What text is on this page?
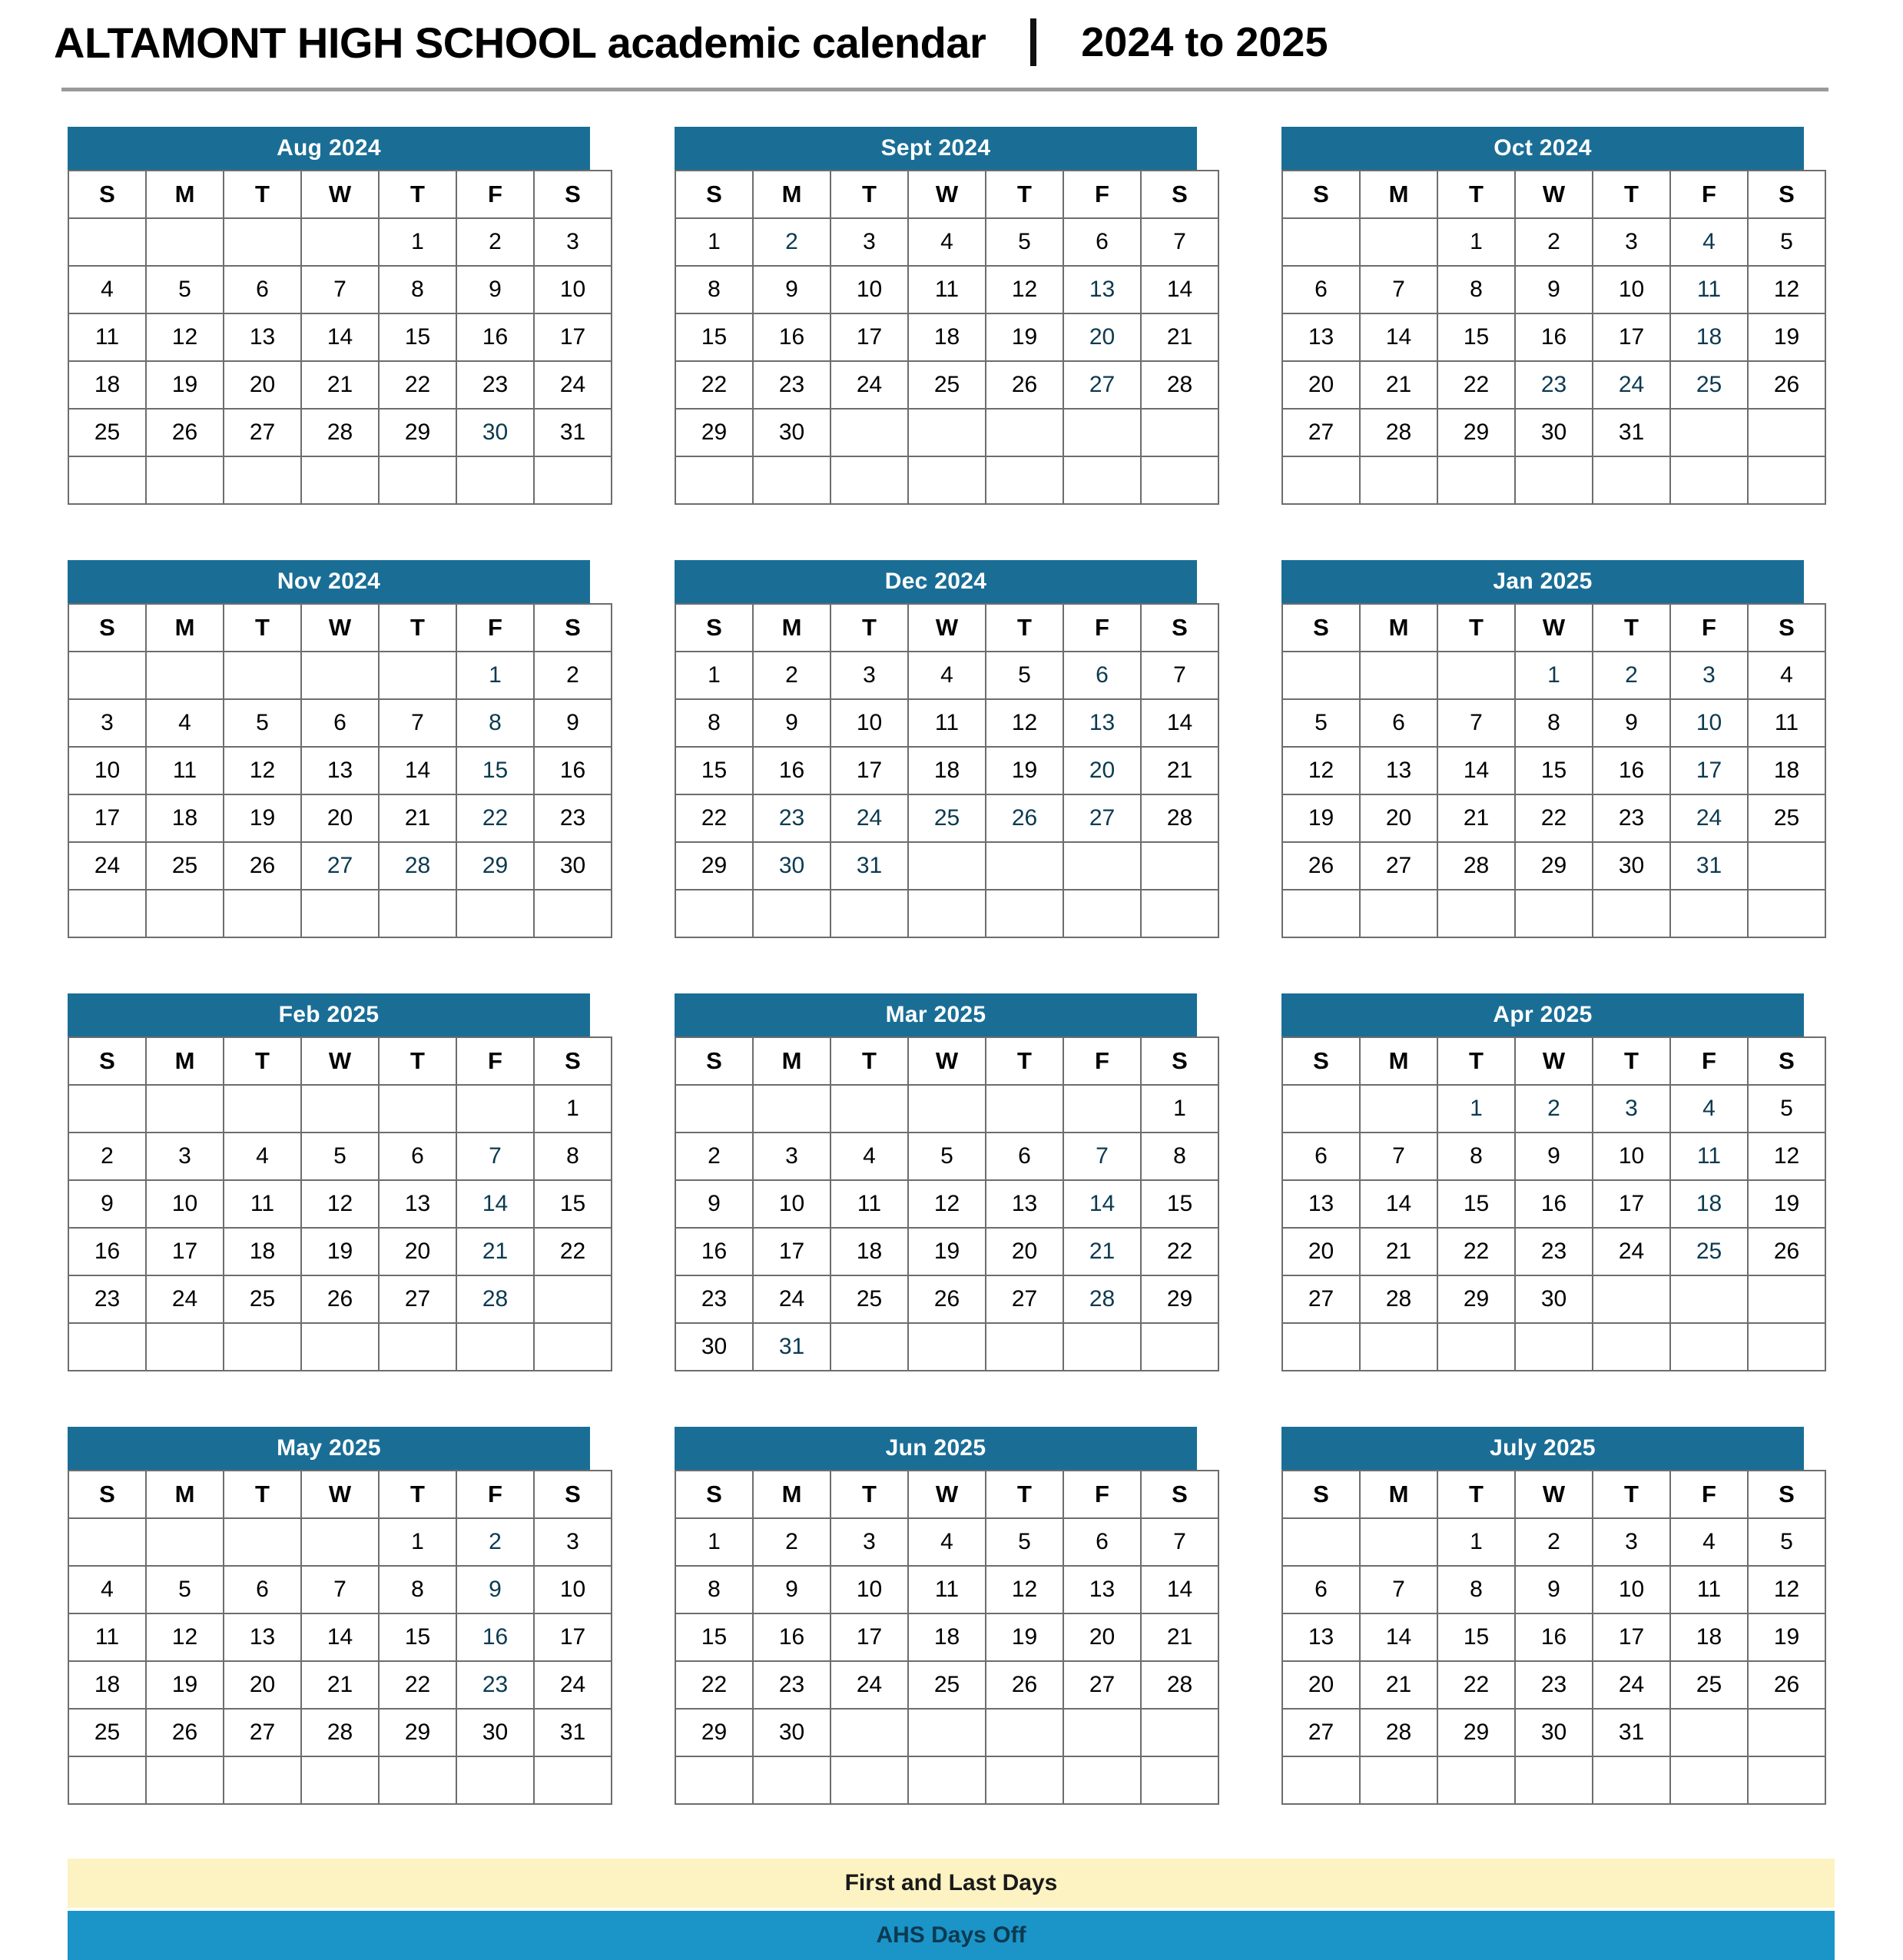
ALTAMONT HIGH SCHOOL academic calendar 2024 to 2025
Aug 2024
S	M	T	W	T	F	S
				1	2	3
4	5	6	7	8	9	10
11	12	13	14	15	16	17
18	19	20	21	22	23	24
25	26	27	28	29	30	31

Sept 2024
S	M	T	W	T	F	S
1	2	3	4	5	6	7
8	9	10	11	12	13	14
15	16	17	18	19	20	21
22	23	24	25	26	27	28
29	30					

Oct 2024
S	M	T	W	T	F	S
		1	2	3	4	5
6	7	8	9	10	11	12
13	14	15	16	17	18	19
20	21	22	23	24	25	26
27	28	29	30	31		

Nov 2024
S	M	T	W	T	F	S
					1	2
3	4	5	6	7	8	9
10	11	12	13	14	15	16
17	18	19	20	21	22	23
24	25	26	27	28	29	30

Dec 2024
S	M	T	W	T	F	S
1	2	3	4	5	6	7
8	9	10	11	12	13	14
15	16	17	18	19	20	21
22	23	24	25	26	27	28
29	30	31				

Jan 2025
S	M	T	W	T	F	S
			1	2	3	4
5	6	7	8	9	10	11
12	13	14	15	16	17	18
19	20	21	22	23	24	25
26	27	28	29	30	31	

Feb 2025
S	M	T	W	T	F	S
						1
2	3	4	5	6	7	8
9	10	11	12	13	14	15
16	17	18	19	20	21	22
23	24	25	26	27	28	

Mar 2025
S	M	T	W	T	F	S
						1
2	3	4	5	6	7	8
9	10	11	12	13	14	15
16	17	18	19	20	21	22
23	24	25	26	27	28	29
30	31					
Apr 2025
S	M	T	W	T	F	S
		1	2	3	4	5
6	7	8	9	10	11	12
13	14	15	16	17	18	19
20	21	22	23	24	25	26
27	28	29	30			

May 2025
S	M	T	W	T	F	S
				1	2	3
4	5	6	7	8	9	10
11	12	13	14	15	16	17
18	19	20	21	22	23	24
25	26	27	28	29	30	31

Jun 2025
S	M	T	W	T	F	S
1	2	3	4	5	6	7
8	9	10	11	12	13	14
15	16	17	18	19	20	21
22	23	24	25	26	27	28
29	30					

July 2025
S	M	T	W	T	F	S
		1	2	3	4	5
6	7	8	9	10	11	12
13	14	15	16	17	18	19
20	21	22	23	24	25	26
27	28	29	30	31		

First and Last Days
AHS Days Off
